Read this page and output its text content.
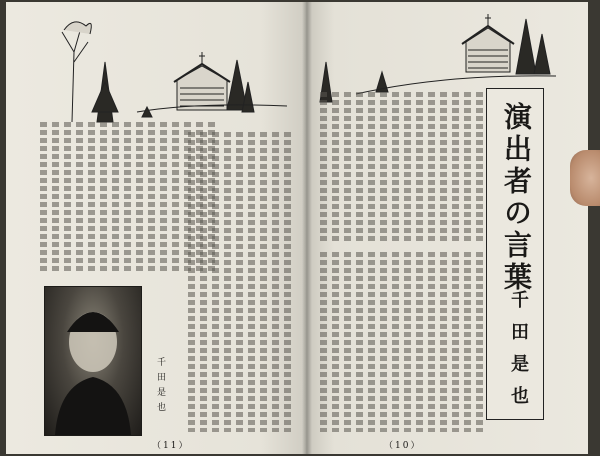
千田是也
（11）	（10）
演出者の言葉
千田是也
